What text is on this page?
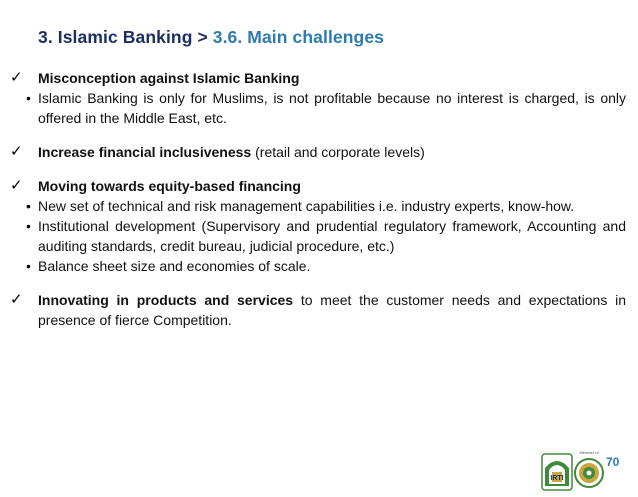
3. Islamic Banking > 3.6. Main challenges
✓	Misconception against Islamic Banking
• Islamic Banking is only for Muslims, is not profitable because no interest is charged, is only offered in the Middle East, etc.
✓	Increase financial inclusiveness (retail and corporate levels)
✓	Moving towards equity-based financing
• New set of technical and risk management capabilities i.e. industry experts, know-how.
• Institutional development (Supervisory and prudential regulatory framework, Accounting and auditing standards, credit bureau, judicial procedure, etc.)
• Balance sheet size and economies of scale.
✓	Innovating in products and services to meet the customer needs and expectations in presence of fierce Competition.
IRTI
Member of
70
